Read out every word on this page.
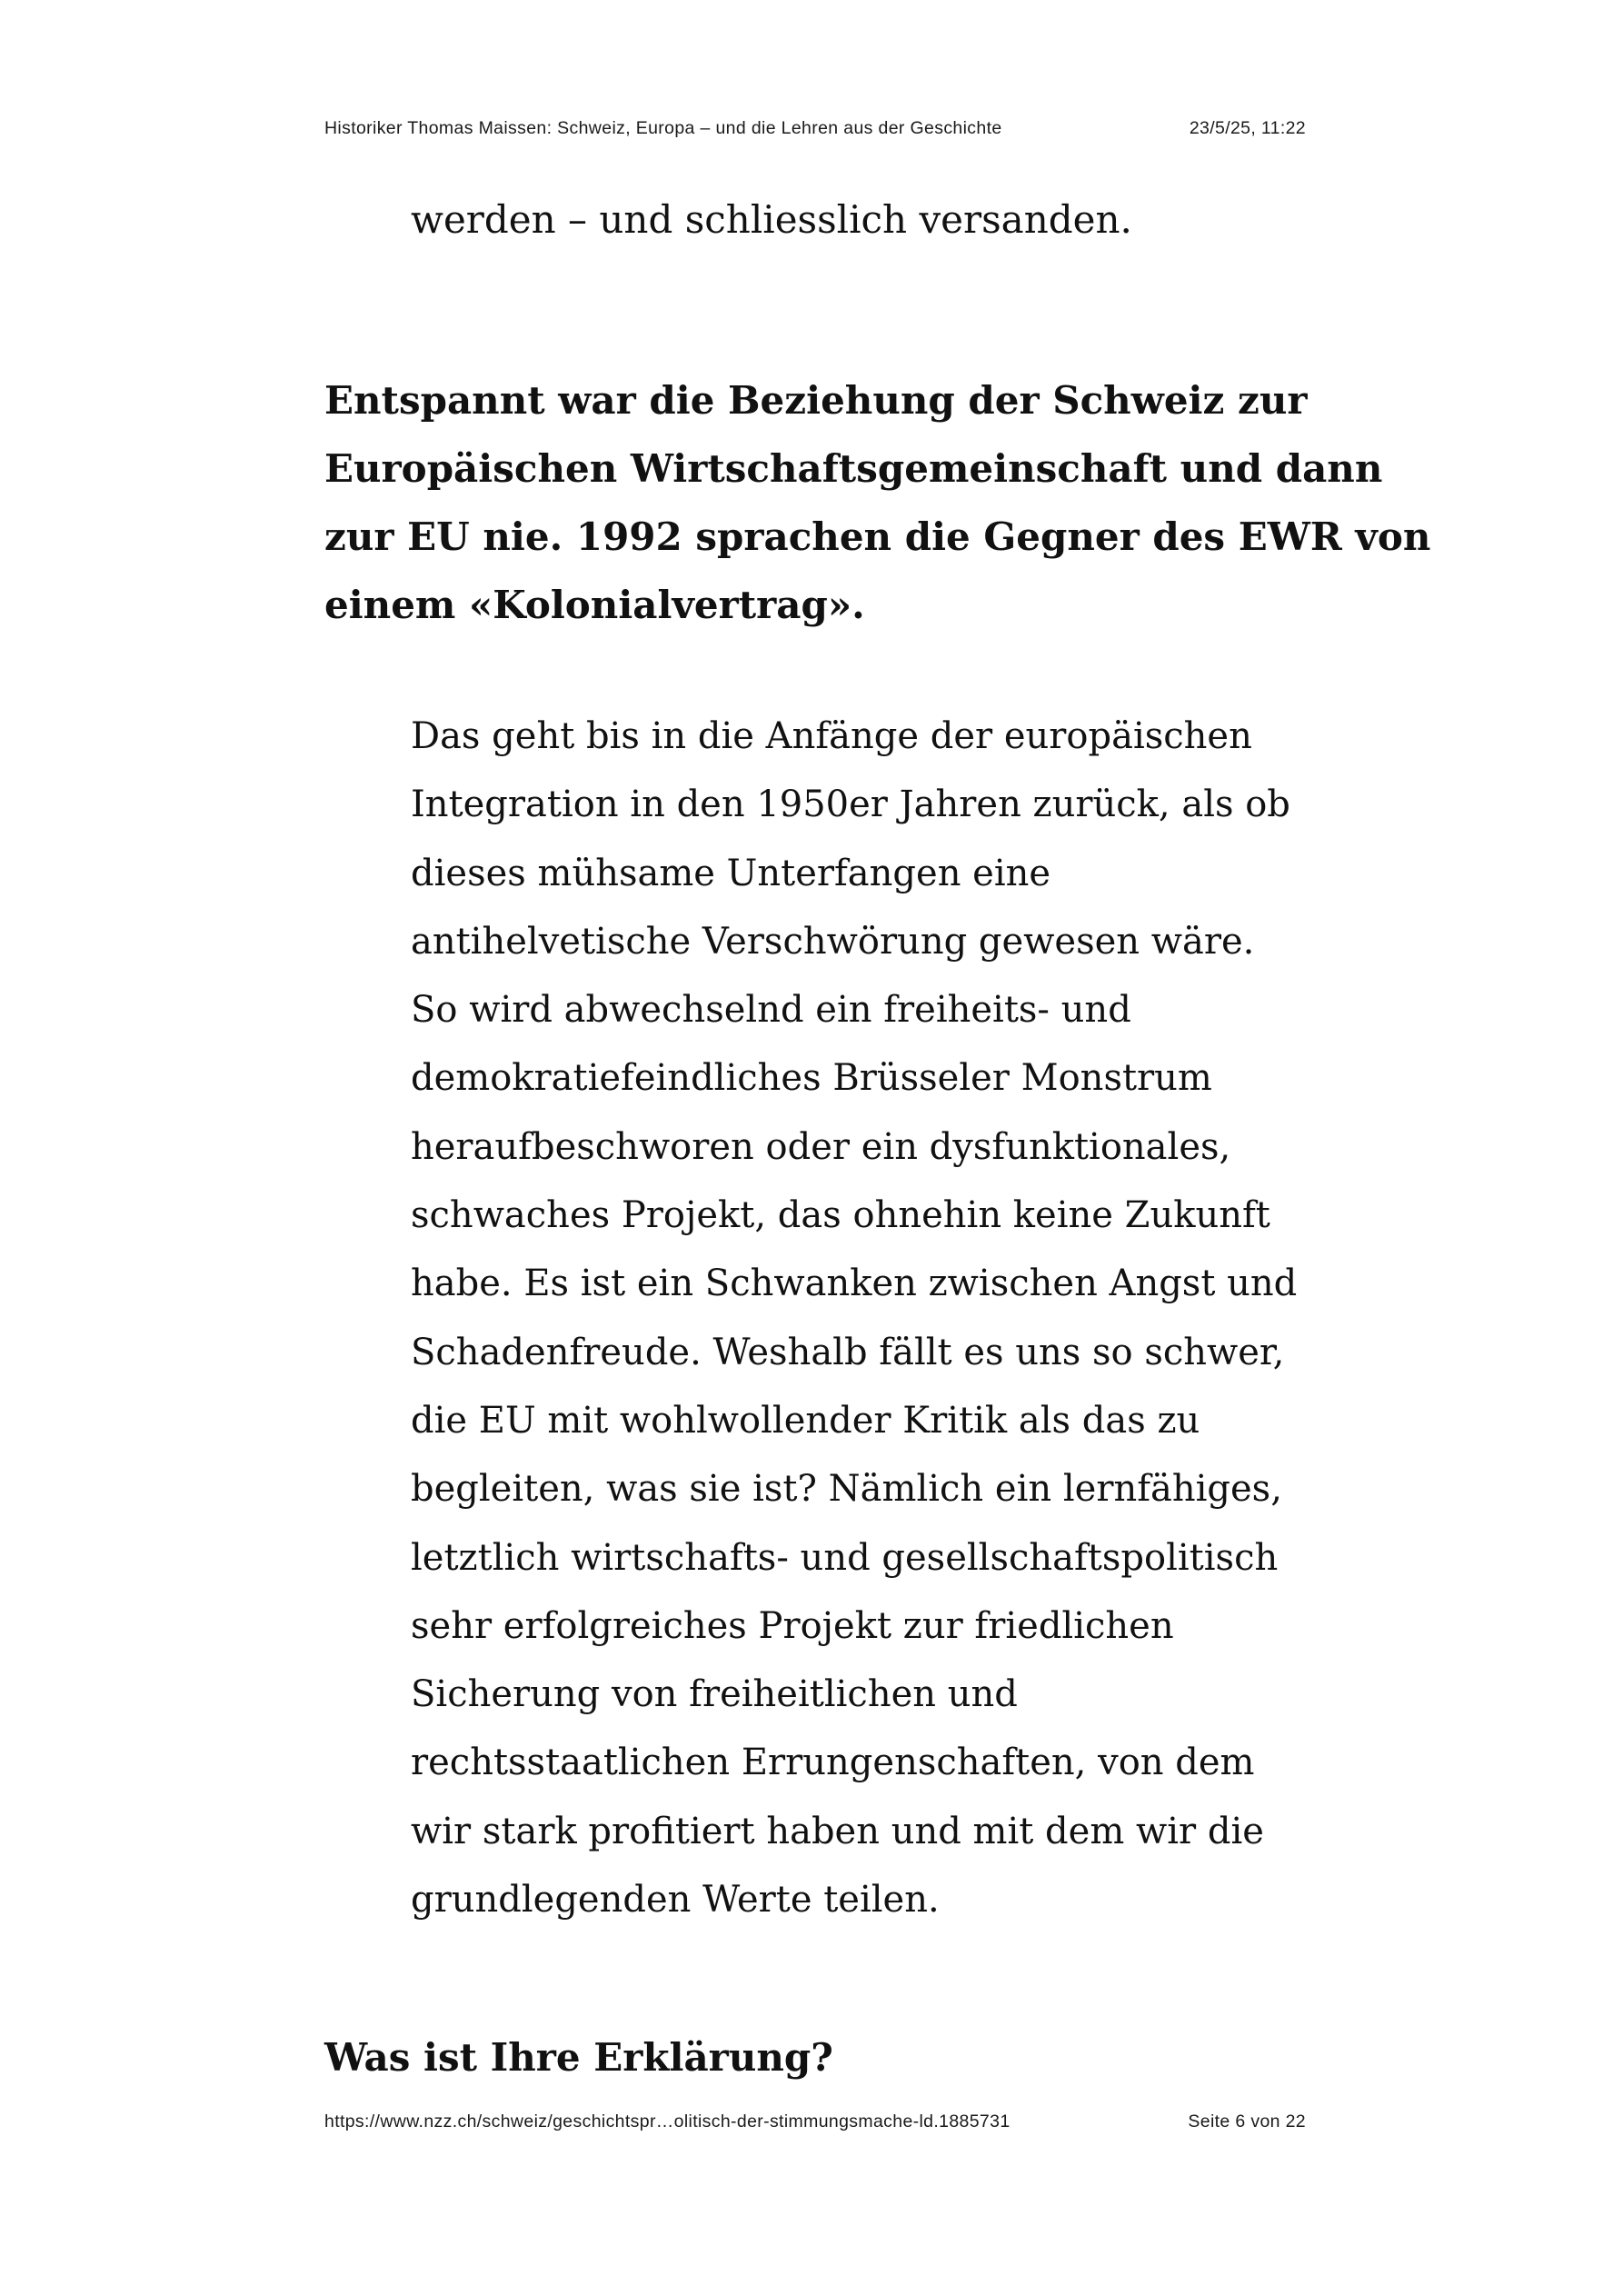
Historiker Thomas Maissen: Schweiz, Europa – und die Lehren aus der Geschichte	23/5/25, 11:22
werden – und schliesslich versanden.
Entspannt war die Beziehung der Schweiz zur
Europäischen Wirtschaftsgemeinschaft und dann
zur EU nie. 1992 sprachen die Gegner des EWR von
einem «Kolonialvertrag».
Das geht bis in die Anfänge der europäischen
Integration in den 1950er Jahren zurück, als ob
dieses mühsame Unterfangen eine
antihelvetische Verschwörung gewesen wäre.
So wird abwechselnd ein freiheits- und
demokratiefeindliches Brüsseler Monstrum
heraufbeschworen oder ein dysfunktionales,
schwaches Projekt, das ohnehin keine Zukunft
habe. Es ist ein Schwanken zwischen Angst und
Schadenfreude. Weshalb fällt es uns so schwer,
die EU mit wohlwollender Kritik als das zu
begleiten, was sie ist? Nämlich ein lernfähiges,
letztlich wirtschafts- und gesellschaftspolitisch
sehr erfolgreiches Projekt zur friedlichen
Sicherung von freiheitlichen und
rechtsstaatlichen Errungenschaften, von dem
wir stark profitiert haben und mit dem wir die
grundlegenden Werte teilen.
Was ist Ihre Erklärung?
https://www.nzz.ch/schweiz/geschichtspr…olitisch-der-stimmungsmache-ld.1885731	Seite 6 von 22
